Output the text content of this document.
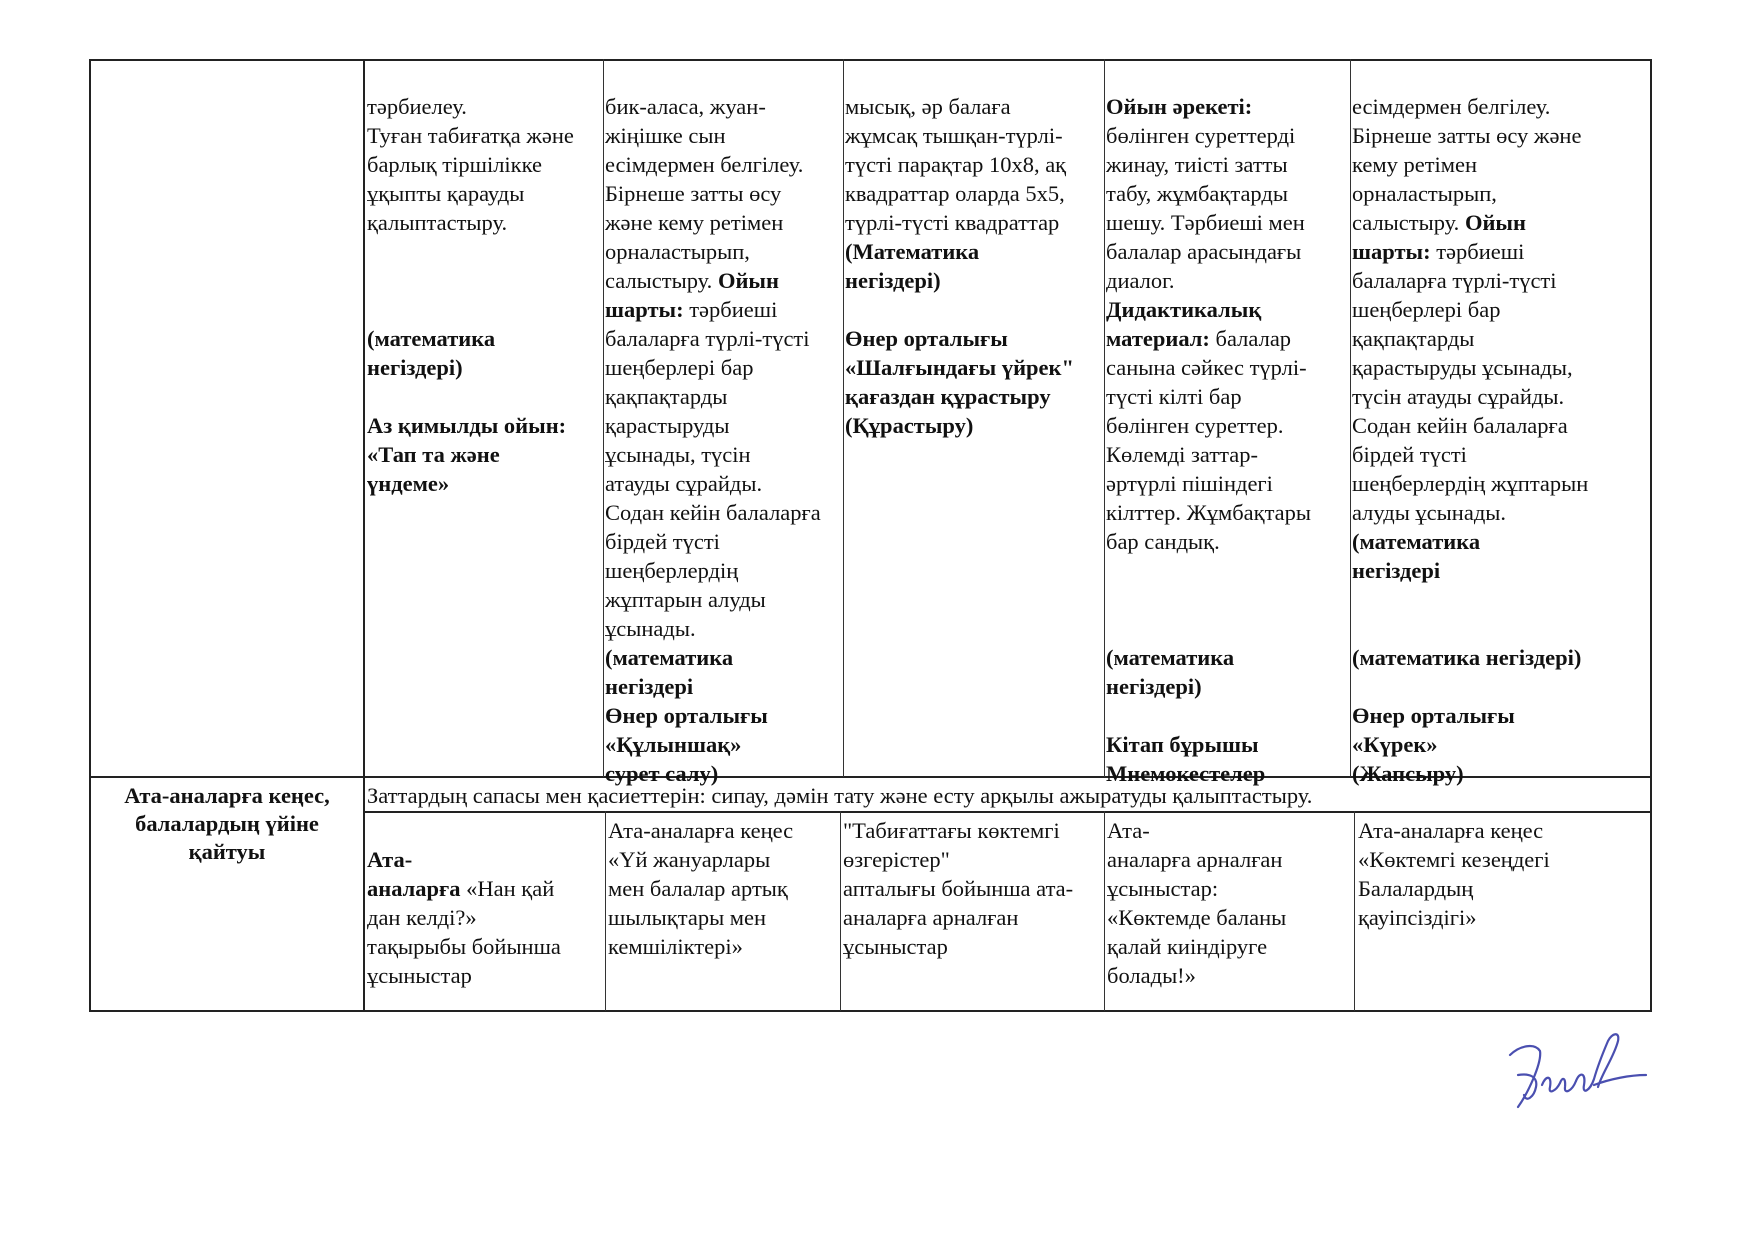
тәрбиелеу.
Туған табиғатқа және
барлық тіршілікке
ұқыпты қарауды
қалыптастыру.

(математика
негіздері)

Аз қимылды ойын:
«Тап та және
үндеме»

бик-аласа, жуан-
жіңішке сын
есімдермен белгілеу.
Бірнеше затты өсу
және кему ретімен
орналастырып,
салыстыру. Ойын
шарты: тәрбиеші
балаларға түрлі-түсті
шеңберлері бар
қақпақтарды
қарастыруды
ұсынады, түсін
атауды сұрайды.
Содан кейін балаларға
бірдей түсті
шеңберлердің
жұптарын алуды
ұсынады.
(математика
негіздері
Өнер орталығы
«Құлыншақ»
сурет салу)

мысық, әр балаға
жұмсақ тышқан-түрлі-
түсті парақтар 10х8, ақ
квадраттар оларда 5х5,
түрлі-түсті квадраттар
(Математика
негіздері)

Өнер орталығы
«Шалғындағы үйрек"
қағаздан құрастыру
(Құрастыру)

Ойын әрекеті:
бөлінген суреттерді
жинау, тиісті затты
табу, жұмбақтарды
шешу. Тәрбиеші мен
балалар арасындағы
диалог.
Дидактикалық
материал: балалар
санына сәйкес түрлі-
түсті кілті бар
бөлінген суреттер.
Көлемді заттар-
әртүрлі пішіндегі
кілттер. Жұмбақтары
бар сандық.

(математика
негіздері)

Кітап бұрышы
Мнемокестелер

есімдермен белгілеу.
Бірнеше затты өсу және
кему ретімен
орналастырып,
салыстыру. Ойын
шарты: тәрбиеші
балаларға түрлі-түсті
шеңберлері бар
қақпақтарды
қарастыруды ұсынады,
түсін атауды сұрайды.
Содан кейін балаларға
бірдей түсті
шеңберлердің жұптарын
алуды ұсынады.
(математика
негіздері

(математика негіздері)

Өнер орталығы
«Күрек»
(Жапсыру)

Ата-аналарға кеңес,
балалардың үйіне
қайтуы
Заттардың сапасы мен қасиеттерін: сипау, дәмін тату және есту арқылы ажыратуды қалыптастыру.

Ата-
аналарға «Нан қай
дан келді?»
тақырыбы бойынша
ұсыныстар

Ата-аналарға кеңес
«Үй жануарлары
мен балалар артық
шылықтары мен
кемшіліктері»
"Табиғаттағы көктемгі
өзгерістер"
апталығы бойынша ата-
аналарға арналған
ұсыныстар
Ата-
аналарға арналған
ұсыныстар:
«Көктемде баланы
қалай киіндіруге
болады!»
Ата-аналарға кеңес
«Көктемгі кезеңдегі
Балалардың
қауіпсіздігі»
